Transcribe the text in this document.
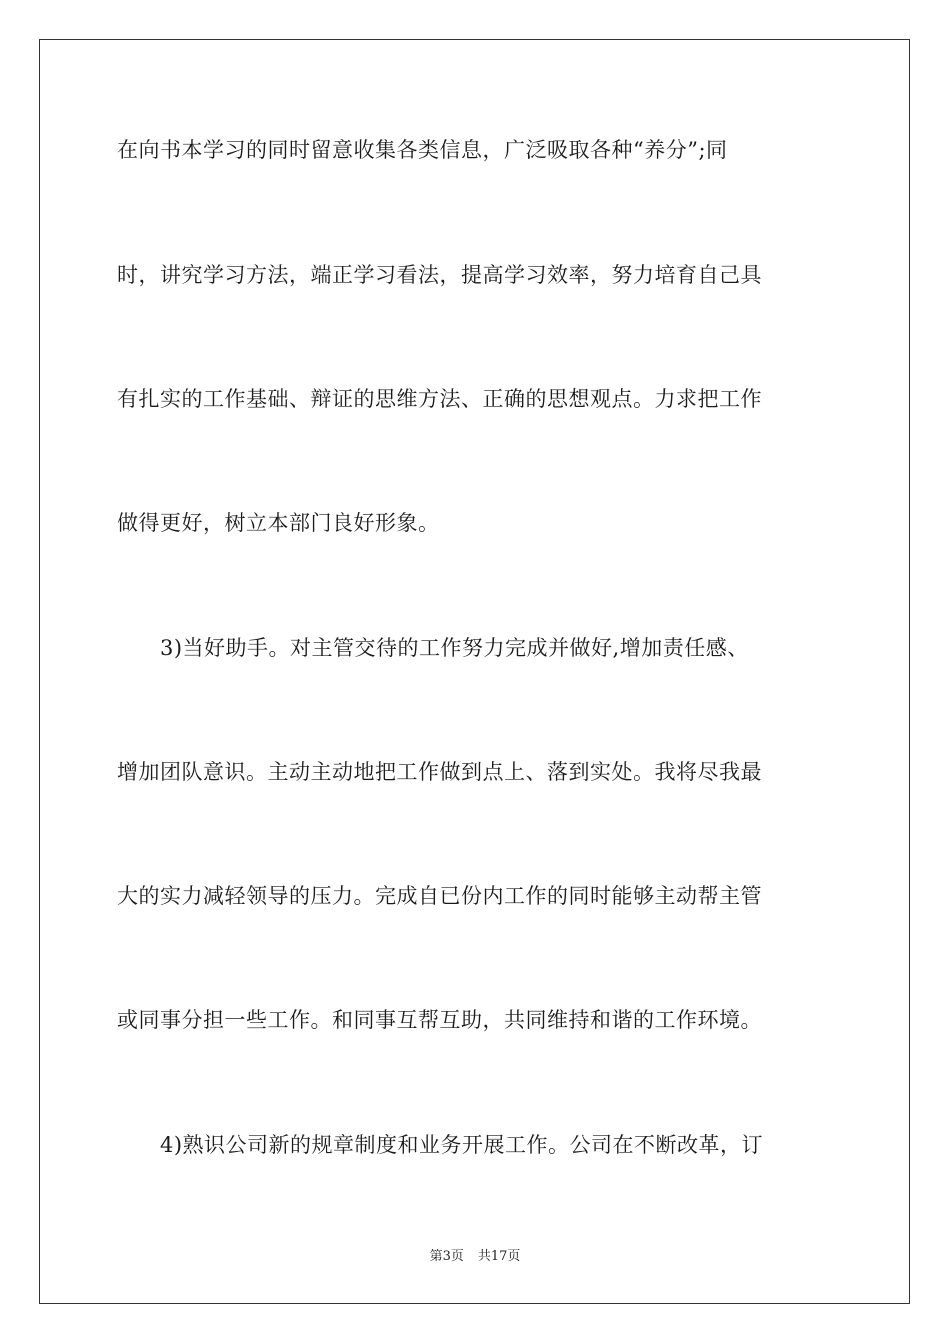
在向书本学习的同时留意收集各类信息，广泛吸取各种“养分”;同
时，讲究学习方法，端正学习看法，提高学习效率，努力培育自己具
有扎实的工作基础、辩证的思维方法、正确的思想观点。力求把工作
做得更好，树立本部门良好形象。
3)当好助手。对主管交待的工作努力完成并做好,增加责任感、
增加团队意识。主动主动地把工作做到点上、落到实处。我将尽我最
大的实力减轻领导的压力。完成自已份内工作的同时能够主动帮主管
或同事分担一些工作。和同事互帮互助，共同维持和谐的工作环境。
4)熟识公司新的规章制度和业务开展工作。公司在不断改革，订
第3页 共17页
